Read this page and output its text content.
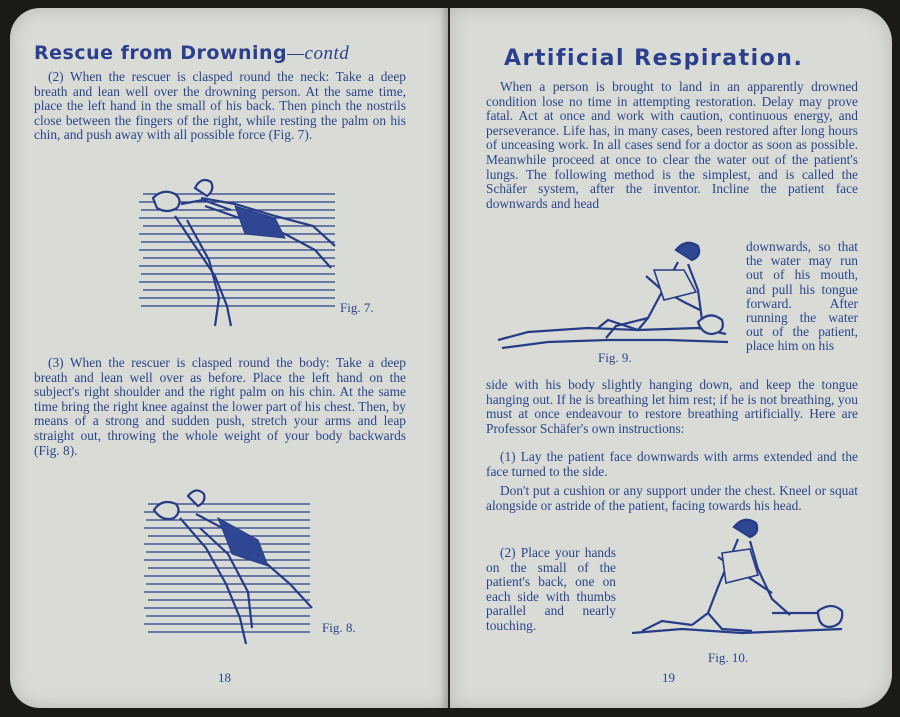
Rescue from Drowning—contd

(2) When the rescuer is clasped round the neck: Take a deep breath and lean well over the drowning person. At the same time, place the left hand in the small of his back. Then pinch the nostrils close between the fingers of the right, while resting the palm on his chin, and push away with all possible force (Fig. 7).

Fig. 7.

(3) When the rescuer is clasped round the body: Take a deep breath and lean well over as before. Place the left hand on the subject's right shoulder and the right palm on his chin. At the same time bring the right knee against the lower part of his chest. Then, by means of a strong and sudden push, stretch your arms and leap straight out, throwing the whole weight of your body backwards (Fig. 8).

Fig. 8.
18
Artificial Respiration.

When a person is brought to land in an apparently drowned condition lose no time in attempting restoration. Delay may prove fatal. Act at once and work with caution, continuous energy, and perseverance. Life has, in many cases, been restored after long hours of unceasing work. In all cases send for a doctor as soon as possible. Meanwhile proceed at once to clear the water out of the patient's lungs. The following method is the simplest, and is called the Schäfer system, after the inventor. Incline the patient face downwards and head

Fig. 9.

downwards, so that the water may run out of his mouth, and pull his tongue forward. After running the water out of the patient, place him on his

side with his body slightly hanging down, and keep the tongue hanging out. If he is breathing let him rest; if he is not breathing, you must at once endeavour to restore breathing artificially. Here are Professor Schäfer's own instructions:

(1) Lay the patient face downwards with arms extended and the face turned to the side.

Don't put a cushion or any support under the chest. Kneel or squat alongside or astride of the patient, facing towards his head.

(2) Place your hands on the small of the patient's back, one on each side with thumbs parallel and nearly touching.

Fig. 10.
19
